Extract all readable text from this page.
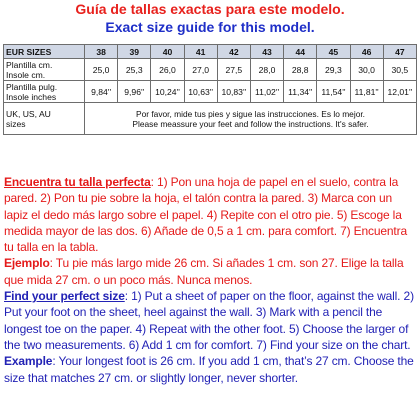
Guía de tallas exactas para este modelo.
Exact size guide for this model.
EUR SIZES	38	39	40	41	42	43	44	45	46	47
Plantilla cm.
Insole cm.	25,0	25,3	26,0	27,0	27,5	28,0	28,8	29,3	30,0	30,5
Plantilla pulg.
Insole inches	9,84''	9,96''	10,24''	10,63''	10,83''	11,02''	11,34''	11,54''	11,81''	12,01''
UK, US, AU
sizes	Por favor, mide tus pies y sigue las instrucciones. Es lo mejor.
Please meassure your feet and follow the instructions. It's safer.									

Encuentra tu talla perfecta: 1) Pon una hoja de papel en el suelo, contra la pared. 2) Pon tu pie sobre la hoja, el talón contra la pared. 3) Marca con un lapiz el dedo más largo sobre el papel. 4) Repite con el otro pie. 5) Escoge la medida mayor de las dos. 6) Añade de 0,5 a 1 cm. para comfort. 7) Encuentra tu talla en la tabla.

Ejemplo: Tu pie más largo mide 26 cm. Si añades 1 cm. son 27. Elige la talla que mida 27 cm. o un poco más. Nunca menos.

Find your perfect size: 1) Put a sheet of paper on the floor, against the wall. 2) Put your foot on the sheet, heel against the wall. 3) Mark with a pencil the longest toe on the paper. 4) Repeat with the other foot. 5) Choose the larger of the two measurements. 6) Add 1 cm for comfort. 7) Find your size on the chart.

Example: Your longest foot is 26 cm. If you add 1 cm, that’s 27 cm. Choose the size that matches 27 cm. or slightly longer, never shorter.
